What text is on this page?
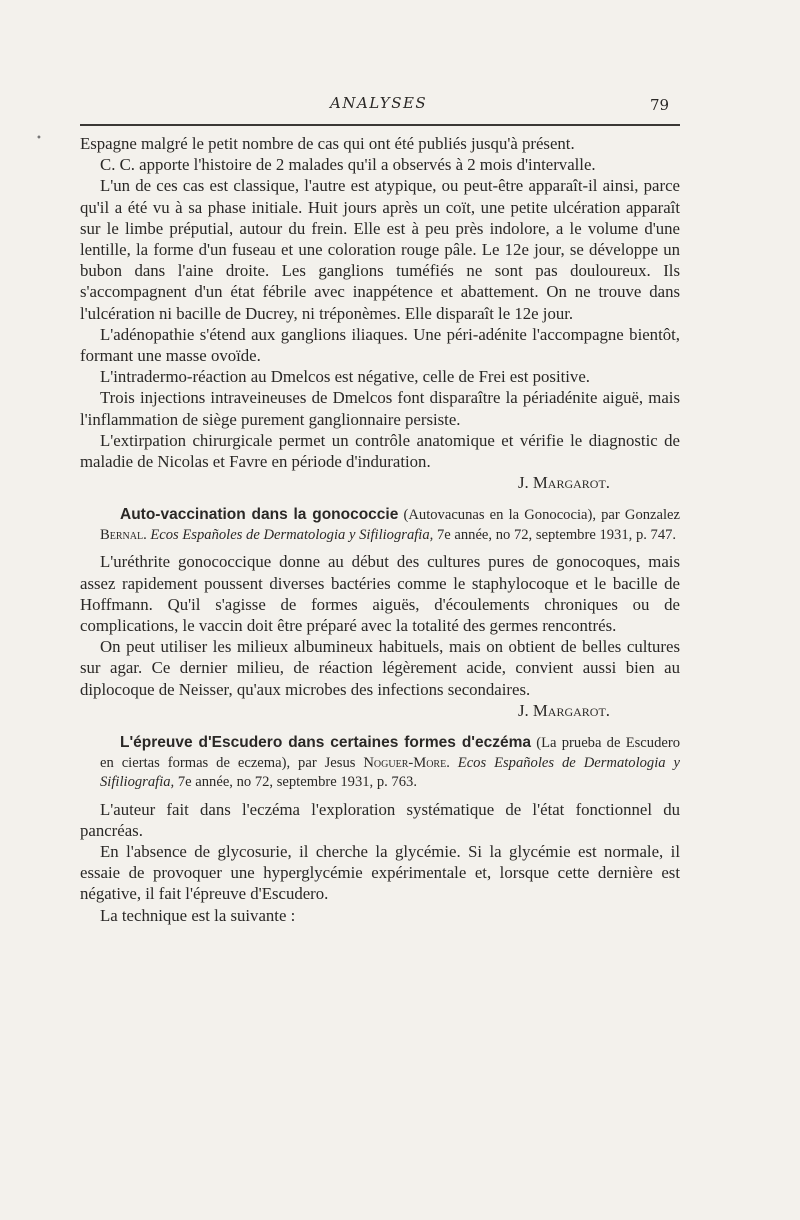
•
ANALYSES	79

Espagne malgré le petit nombre de cas qui ont été publiés jusqu'à présent.

C. C. apporte l'histoire de 2 malades qu'il a observés à 2 mois d'intervalle.

L'un de ces cas est classique, l'autre est atypique, ou peut-être apparaît-il ainsi, parce qu'il a été vu à sa phase initiale. Huit jours après un coït, une petite ulcération apparaît sur le limbe préputial, autour du frein. Elle est à peu près indolore, a le volume d'une lentille, la forme d'un fuseau et une coloration rouge pâle. Le 12e jour, se développe un bubon dans l'aine droite. Les ganglions tuméfiés ne sont pas douloureux. Ils s'accompagnent d'un état fébrile avec inappétence et abattement. On ne trouve dans l'ulcération ni bacille de Ducrey, ni tréponèmes. Elle disparaît le 12e jour.

L'adénopathie s'étend aux ganglions iliaques. Une péri-adénite l'accompagne bientôt, formant une masse ovoïde.

L'intradermo-réaction au Dmelcos est négative, celle de Frei est positive.

Trois injections intraveineuses de Dmelcos font disparaître la périadénite aiguë, mais l'inflammation de siège purement ganglionnaire persiste.

L'extirpation chirurgicale permet un contrôle anatomique et vérifie le diagnostic de maladie de Nicolas et Favre en période d'induration.

J. Margarot.

Auto-vaccination dans la gonococcie (Autovacunas en la Gonococia), par Gonzalez Bernal. Ecos Españoles de Dermatologia y Sifiliografia, 7e année, no 72, septembre 1931, p. 747.

L'uréthrite gonococcique donne au début des cultures pures de gonocoques, mais assez rapidement poussent diverses bactéries comme le staphylocoque et le bacille de Hoffmann. Qu'il s'agisse de formes aiguës, d'écoulements chroniques ou de complications, le vaccin doit être préparé avec la totalité des germes rencontrés.

On peut utiliser les milieux albumineux habituels, mais on obtient de belles cultures sur agar. Ce dernier milieu, de réaction légèrement acide, convient aussi bien au diplocoque de Neisser, qu'aux microbes des infections secondaires.

J. Margarot.

L'épreuve d'Escudero dans certaines formes d'eczéma (La prueba de Escudero en ciertas formas de eczema), par Jesus Noguer-More. Ecos Españoles de Dermatologia y Sifiliografia, 7e année, no 72, septembre 1931, p. 763.

L'auteur fait dans l'eczéma l'exploration systématique de l'état fonctionnel du pancréas.

En l'absence de glycosurie, il cherche la glycémie. Si la glycémie est normale, il essaie de provoquer une hyperglycémie expérimentale et, lorsque cette dernière est négative, il fait l'épreuve d'Escudero.

La technique est la suivante :
